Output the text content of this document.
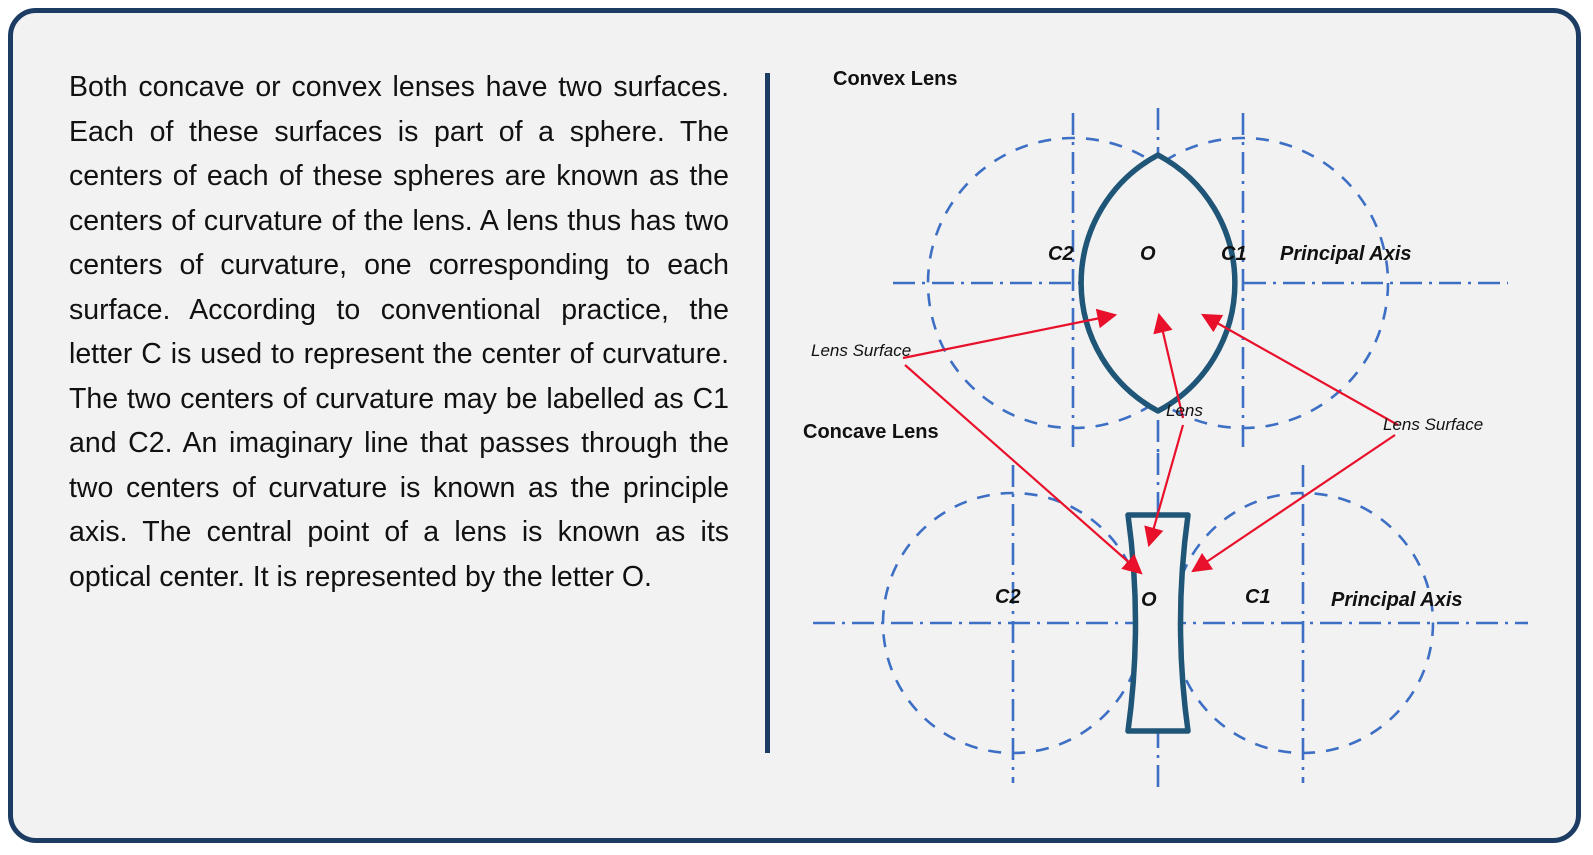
Both concave or convex lenses have two surfaces. Each of these surfaces is part of a sphere. The centers of each of these spheres are known as the centers of curvature of the lens. A lens thus has two centers of curvature, one corresponding to each surface. According to conventional practice, the letter C is used to represent the center of curvature. The two centers of curvature may be labelled as C1 and C2. An imaginary line that passes through the two centers of curvature is known as the principle axis. The central point of a lens is known as its optical center. It is represented by the letter O.

Convex Lens
C2	O	C1 Principal Axis
Concave Lens
C2	O	C1	Principal Axis
Lens Surface
Lens
Lens Surface
